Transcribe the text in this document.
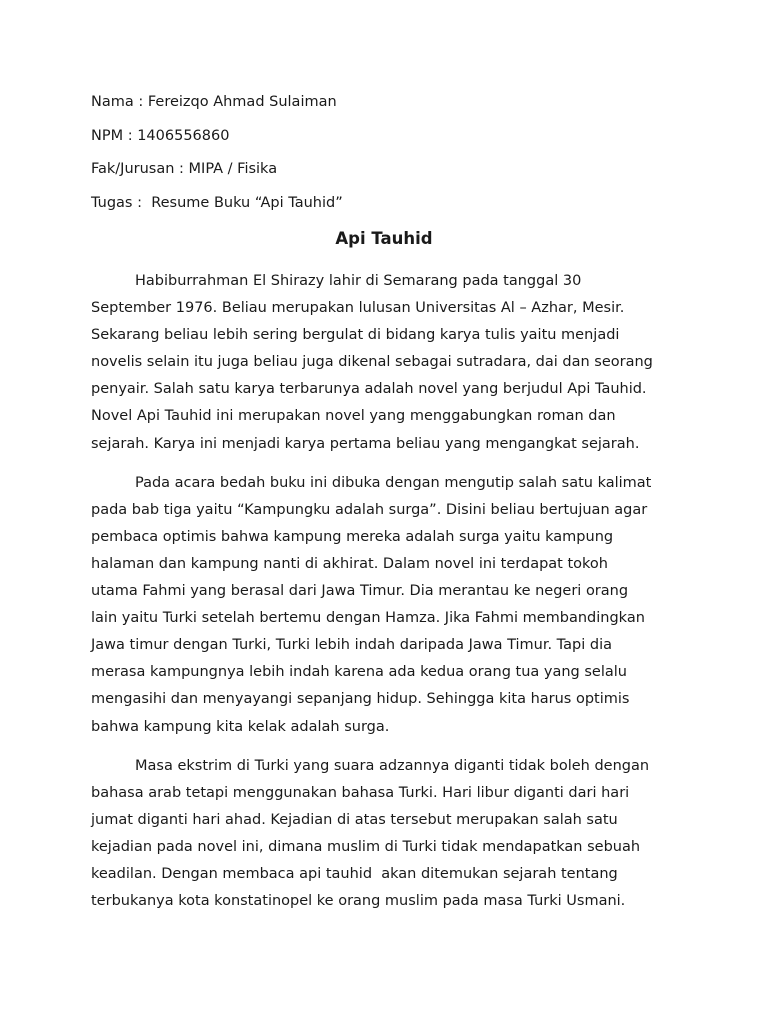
Nama : Fereizqo Ahmad Sulaiman
NPM : 1406556860
Fak/Jurusan : MIPA / Fisika
Tugas :  Resume Buku “Api Tauhid”
Api Tauhid
Habiburrahman El Shirazy lahir di Semarang pada tanggal 30
September 1976. Beliau merupakan lulusan Universitas Al – Azhar, Mesir.
Sekarang beliau lebih sering bergulat di bidang karya tulis yaitu menjadi
novelis selain itu juga beliau juga dikenal sebagai sutradara, dai dan seorang
penyair. Salah satu karya terbarunya adalah novel yang berjudul Api Tauhid.
Novel Api Tauhid ini merupakan novel yang menggabungkan roman dan
sejarah. Karya ini menjadi karya pertama beliau yang mengangkat sejarah.
Pada acara bedah buku ini dibuka dengan mengutip salah satu kalimat
pada bab tiga yaitu “Kampungku adalah surga”. Disini beliau bertujuan agar
pembaca optimis bahwa kampung mereka adalah surga yaitu kampung
halaman dan kampung nanti di akhirat. Dalam novel ini terdapat tokoh
utama Fahmi yang berasal dari Jawa Timur. Dia merantau ke negeri orang
lain yaitu Turki setelah bertemu dengan Hamza. Jika Fahmi membandingkan
Jawa timur dengan Turki, Turki lebih indah daripada Jawa Timur. Tapi dia
merasa kampungnya lebih indah karena ada kedua orang tua yang selalu
mengasihi dan menyayangi sepanjang hidup. Sehingga kita harus optimis
bahwa kampung kita kelak adalah surga.
Masa ekstrim di Turki yang suara adzannya diganti tidak boleh dengan
bahasa arab tetapi menggunakan bahasa Turki. Hari libur diganti dari hari
jumat diganti hari ahad. Kejadian di atas tersebut merupakan salah satu
kejadian pada novel ini, dimana muslim di Turki tidak mendapatkan sebuah
keadilan. Dengan membaca api tauhid  akan ditemukan sejarah tentang
terbukanya kota konstatinopel ke orang muslim pada masa Turki Usmani.
